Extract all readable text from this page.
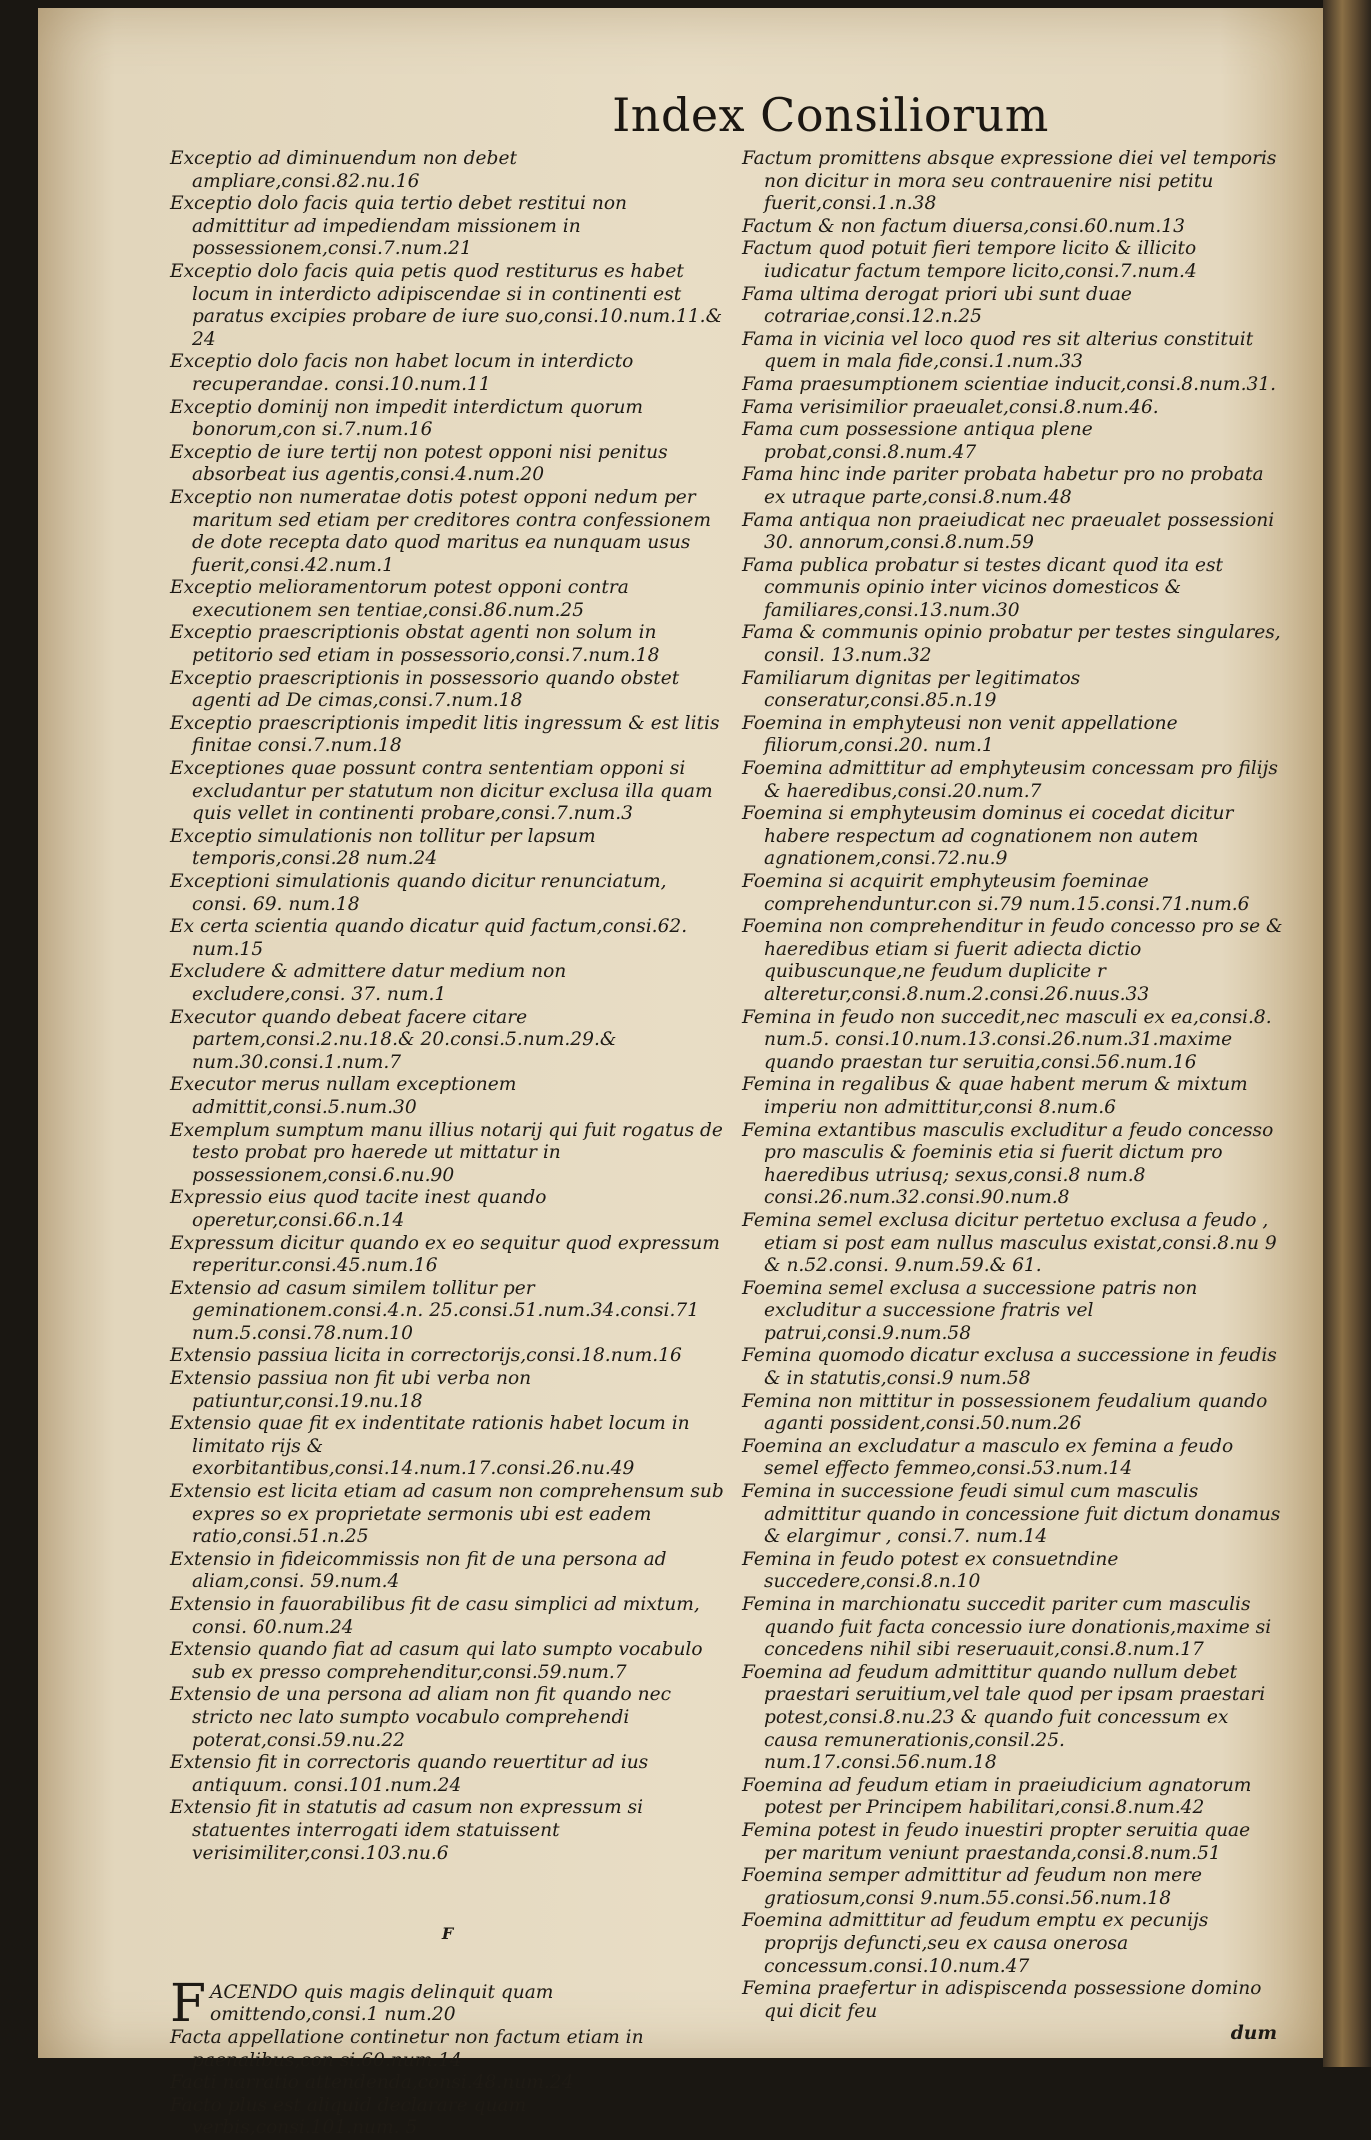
Index Consiliorum
Exceptio ad diminuendum non debet ampliare,consi.82.nu.16
Exceptio dolo facis quia tertio debet restitui non admittitur ad impediendam missionem in possessionem,consi.7.num.21
Exceptio dolo facis quia petis quod restiturus es habet locum in interdicto adipiscendae si in continenti est paratus excipies probare de iure suo,consi.10.num.11.& 24
Exceptio dolo facis non habet locum in interdicto recuperandae. consi.10.num.11
Exceptio dominij non impedit interdictum quorum bonorum,con si.7.num.16
Exceptio de iure tertij non potest opponi nisi penitus absorbeat ius agentis,consi.4.num.20
Exceptio non numeratae dotis potest opponi nedum per maritum sed etiam per creditores contra confessionem de dote recepta dato quod maritus ea nunquam usus fuerit,consi.42.num.1
Exceptio melioramentorum potest opponi contra executionem sen tentiae,consi.86.num.25
Exceptio praescriptionis obstat agenti non solum in petitorio sed etiam in possessorio,consi.7.num.18
Exceptio praescriptionis in possessorio quando obstet agenti ad De cimas,consi.7.num.18
Exceptio praescriptionis impedit litis ingressum & est litis finitae consi.7.num.18
Exceptiones quae possunt contra sententiam opponi si excludantur per statutum non dicitur exclusa illa quam quis vellet in continenti probare,consi.7.num.3
Exceptio simulationis non tollitur per lapsum temporis,consi.28 num.24
Exceptioni simulationis quando dicitur renunciatum, consi. 69. num.18
Ex certa scientia quando dicatur quid factum,consi.62. num.15
Excludere & admittere datur medium non excludere,consi. 37. num.1
Executor quando debeat facere citare partem,consi.2.nu.18.& 20.consi.5.num.29.& num.30.consi.1.num.7
Executor merus nullam exceptionem admittit,consi.5.num.30
Exemplum sumptum manu illius notarij qui fuit rogatus de testo probat pro haerede ut mittatur in possessionem,consi.6.nu.90
Expressio eius quod tacite inest quando operetur,consi.66.n.14
Expressum dicitur quando ex eo sequitur quod expressum reperitur.consi.45.num.16
Extensio ad casum similem tollitur per geminationem.consi.4.n. 25.consi.51.num.34.consi.71 num.5.consi.78.num.10
Extensio passiua licita in correctorijs,consi.18.num.16
Extensio passiua non fit ubi verba non patiuntur,consi.19.nu.18
Extensio quae fit ex indentitate rationis habet locum in limitato rijs & exorbitantibus,consi.14.num.17.consi.26.nu.49
Extensio est licita etiam ad casum non comprehensum sub expres so ex proprietate sermonis ubi est eadem ratio,consi.51.n.25
Extensio in fideicommissis non fit de una persona ad aliam,consi. 59.num.4
Extensio in fauorabilibus fit de casu simplici ad mixtum, consi. 60.num.24
Extensio quando fiat ad casum qui lato sumpto vocabulo sub ex presso comprehenditur,consi.59.num.7
Extensio de una persona ad aliam non fit quando nec stricto nec lato sumpto vocabulo comprehendi poterat,consi.59.nu.22
Extensio fit in correctoris quando reuertitur ad ius antiquum. consi.101.num.24
Extensio fit in statutis ad casum non expressum si statuentes interrogati idem statuissent verisimiliter,consi.103.nu.6
F
F ACENDO quis magis delinquit quam omittendo,consi.1 num.20
Facta appellatione continetur non factum etiam in paenalibus,con si.60.num.14
Facti narratio attendenda,consi.48.num.24
Facto plus est aliquid declarare quam verbis,consi.101.num. 5
Factum promittens absque expressione diei vel temporis non dicitur in mora seu contrauenire nisi petitu fuerit,consi.1.n.38
Factum & non factum diuersa,consi.60.num.13
Factum quod potuit fieri tempore licito & illicito iudicatur factum tempore licito,consi.7.num.4
Fama ultima derogat priori ubi sunt duae cotrariae,consi.12.n.25
Fama in vicinia vel loco quod res sit alterius constituit quem in mala fide,consi.1.num.33
Fama praesumptionem scientiae inducit,consi.8.num.31.
Fama verisimilior praeualet,consi.8.num.46.
Fama cum possessione antiqua plene probat,consi.8.num.47
Fama hinc inde pariter probata habetur pro no probata ex utraque parte,consi.8.num.48
Fama antiqua non praeiudicat nec praeualet possessioni 30. annorum,consi.8.num.59
Fama publica probatur si testes dicant quod ita est communis opinio inter vicinos domesticos & familiares,consi.13.num.30
Fama & communis opinio probatur per testes singulares, consil. 13.num.32
Familiarum dignitas per legitimatos conseratur,consi.85.n.19
Foemina in emphyteusi non venit appellatione filiorum,consi.20. num.1
Foemina admittitur ad emphyteusim concessam pro filijs & haeredibus,consi.20.num.7
Foemina si emphyteusim dominus ei cocedat dicitur habere respectum ad cognationem non autem agnationem,consi.72.nu.9
Foemina si acquirit emphyteusim foeminae comprehenduntur.con si.79 num.15.consi.71.num.6
Foemina non comprehenditur in feudo concesso pro se & haeredibus etiam si fuerit adiecta dictio quibuscunque,ne feudum duplicite r alteretur,consi.8.num.2.consi.26.nuus.33
Femina in feudo non succedit,nec masculi ex ea,consi.8. num.5. consi.10.num.13.consi.26.num.31.maxime quando praestan tur seruitia,consi.56.num.16
Femina in regalibus & quae habent merum & mixtum imperiu non admittitur,consi 8.num.6
Femina extantibus masculis excluditur a feudo concesso pro masculis & foeminis etia si fuerit dictum pro haeredibus utriusq; sexus,consi.8 num.8 consi.26.num.32.consi.90.num.8
Femina semel exclusa dicitur pertetuo exclusa a feudo , etiam si post eam nullus masculus existat,consi.8.nu 9 & n.52.consi. 9.num.59.& 61.
Foemina semel exclusa a successione patris non excluditur a successione fratris vel patrui,consi.9.num.58
Femina quomodo dicatur exclusa a successione in feudis & in statutis,consi.9 num.58
Femina non mittitur in possessionem feudalium quando aganti possident,consi.50.num.26
Foemina an excludatur a masculo ex femina a feudo semel effecto femmeo,consi.53.num.14
Femina in successione feudi simul cum masculis admittitur quando in concessione fuit dictum donamus & elargimur , consi.7. num.14
Femina in feudo potest ex consuetndine succedere,consi.8.n.10
Femina in marchionatu succedit pariter cum masculis quando fuit facta concessio iure donationis,maxime si concedens nihil sibi reseruauit,consi.8.num.17
Foemina ad feudum admittitur quando nullum debet praestari seruitium,vel tale quod per ipsam praestari potest,consi.8.nu.23 & quando fuit concessum ex causa remunerationis,consil.25. num.17.consi.56.num.18
Foemina ad feudum etiam in praeiudicium agnatorum potest per Principem habilitari,consi.8.num.42
Femina potest in feudo inuestiri propter seruitia quae per maritum veniunt praestanda,consi.8.num.51
Foemina semper admittitur ad feudum non mere gratiosum,consi 9.num.55.consi.56.num.18
Foemina admittitur ad feudum emptu ex pecunijs proprijs defuncti,seu ex causa onerosa concessum.consi.10.num.47
Femina praefertur in adispiscenda possessione domino qui dicit feu
dum
